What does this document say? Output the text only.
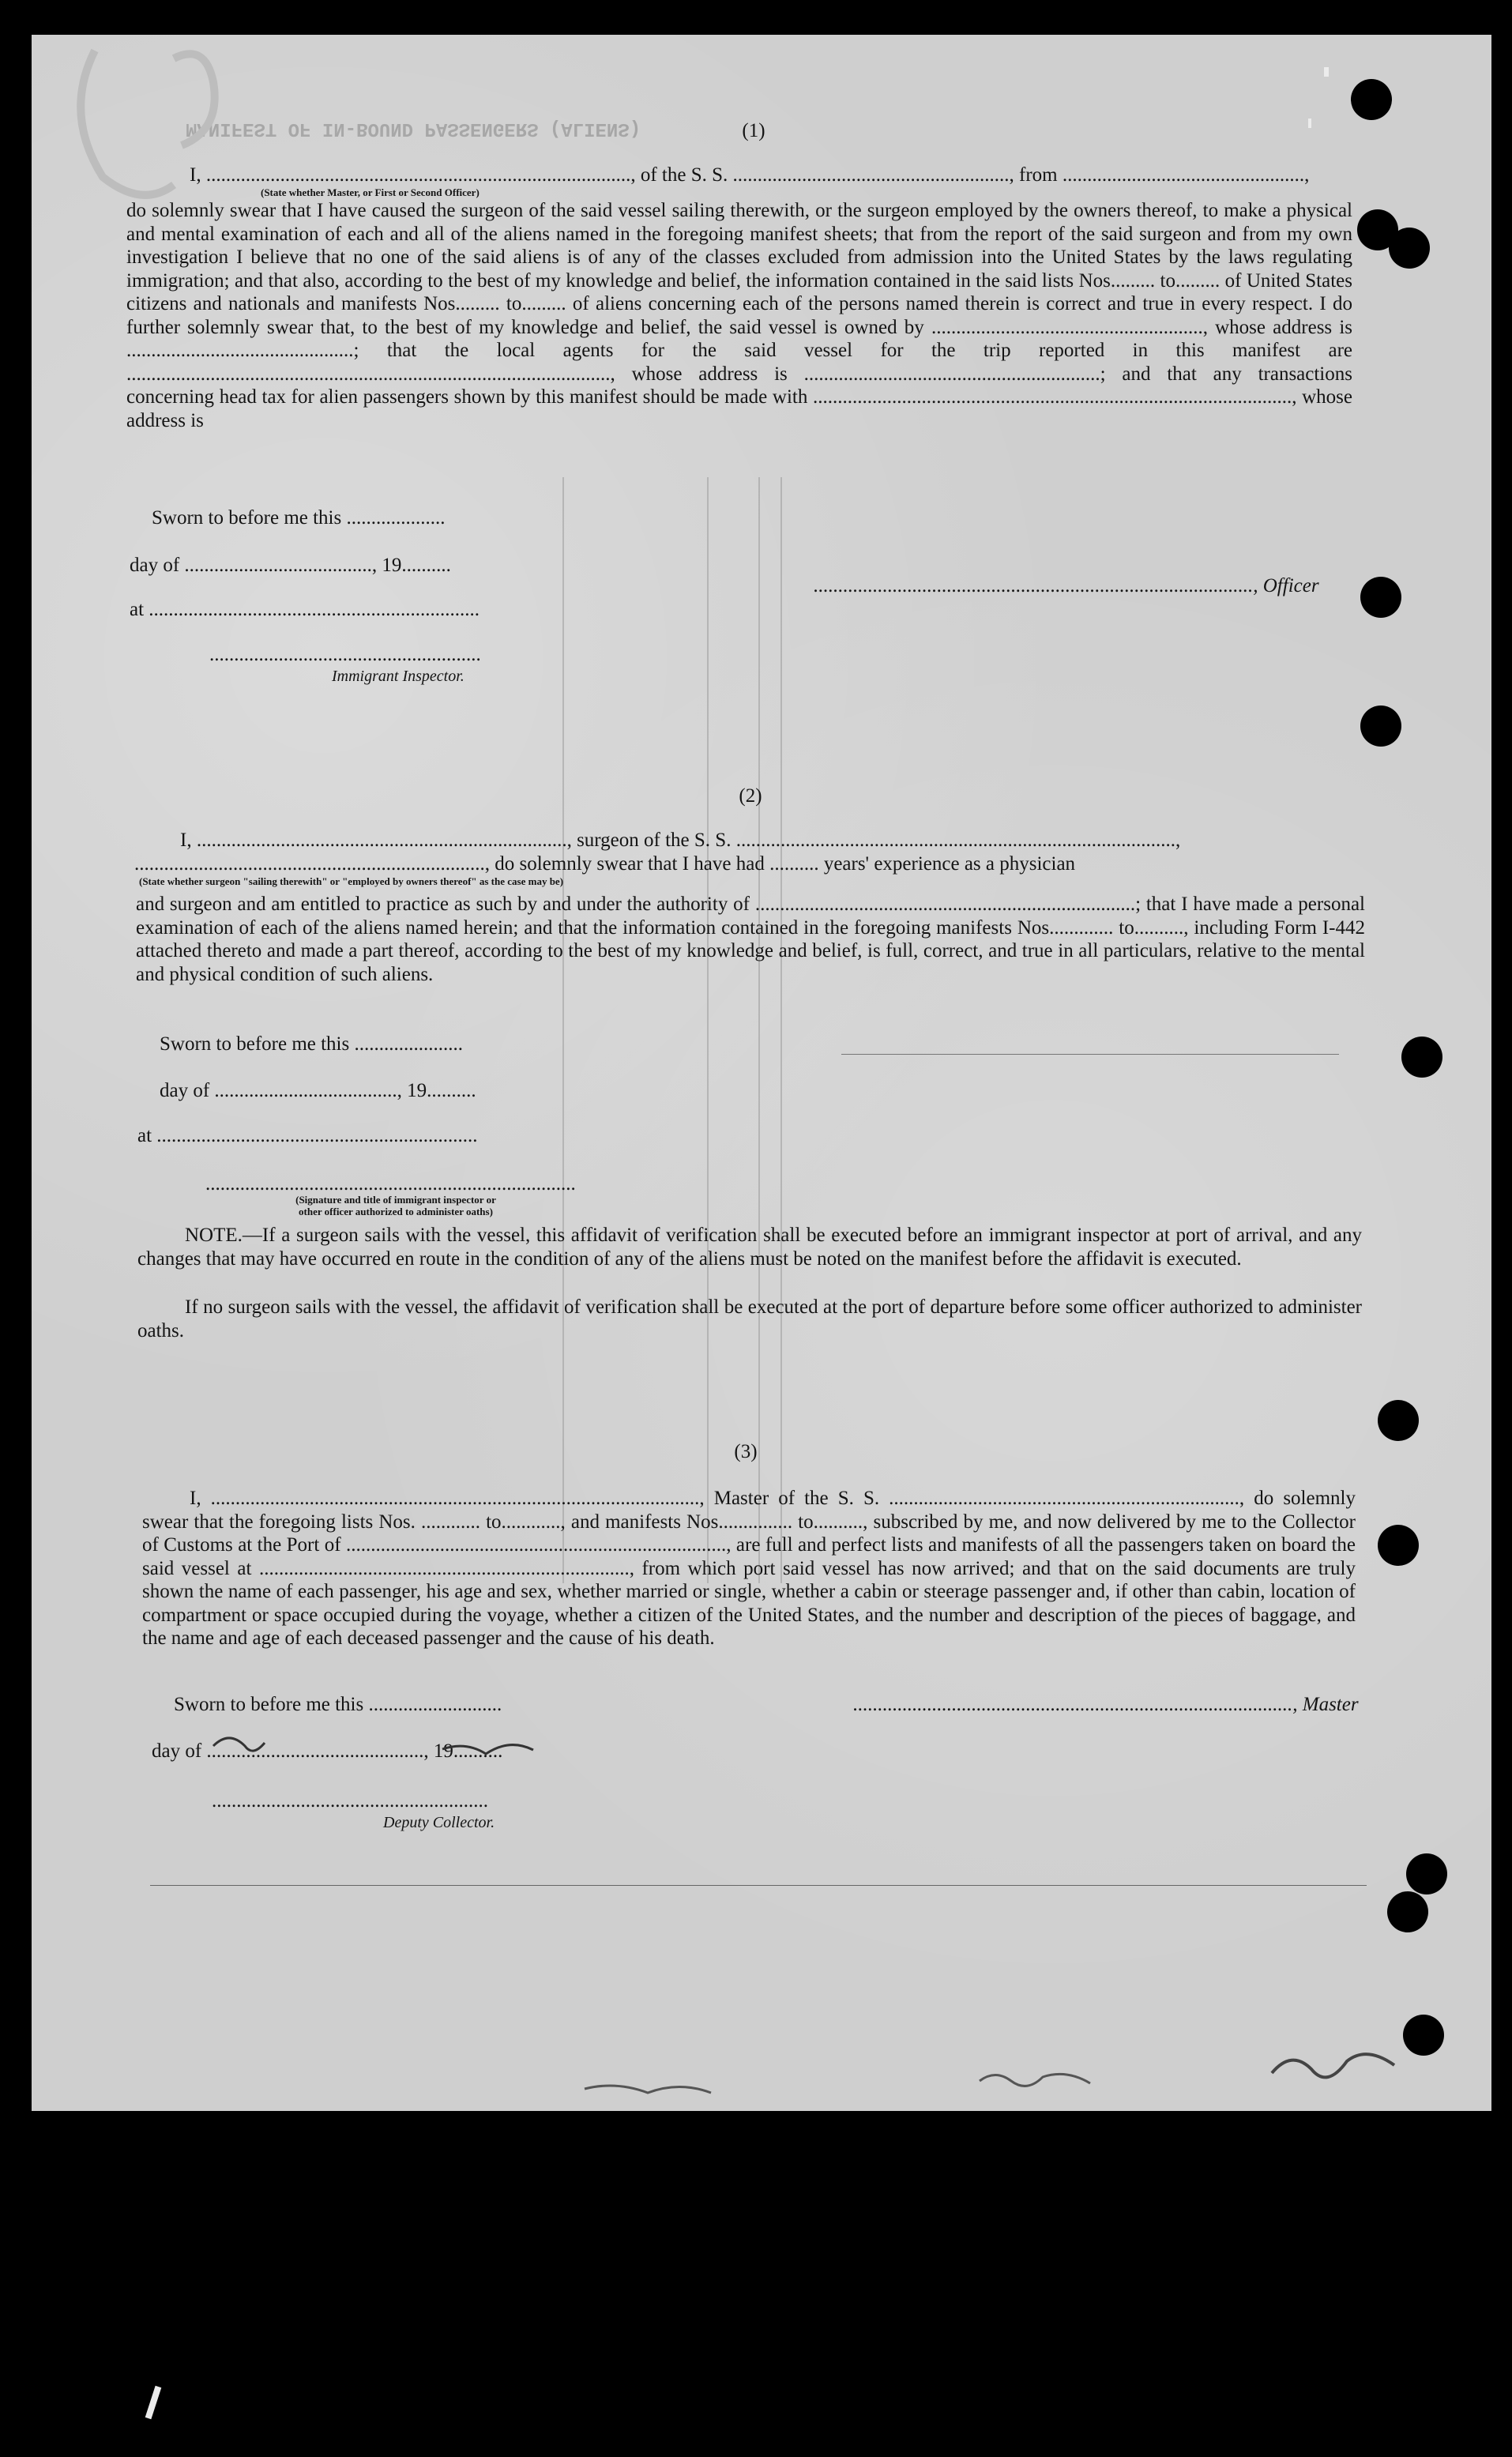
MANIFEST OF IN-BOUND PASSENGERS (ALIENS)	(1)
I, ......................................................................................, of the S. S. ........................................................, from .................................................,
(State whether Master, or First or Second Officer)
do solemnly swear that I have caused the surgeon of the said vessel sailing therewith, or the surgeon employed by the owners thereof, to make a physical and mental examination of each and all of the aliens named in the foregoing manifest sheets; that from the report of the said surgeon and from my own investigation I believe that no one of the said aliens is of any of the classes excluded from admission into the United States by the laws regulating immigration; and that also, according to the best of my knowledge and belief, the information contained in the said lists Nos......... to......... of United States citizens and nationals and manifests Nos......... to......... of aliens concerning each of the persons named therein is correct and true in every respect. I do further solemnly swear that, to the best of my knowledge and belief, the said vessel is owned by ......................................................., whose address is ..............................................; that the local agents for the said vessel for the trip reported in this manifest are .................................................................................................., whose address is ............................................................; and that any transactions concerning head tax for alien passengers shown by this manifest should be made with ................................................................................................., whose address is
Sworn to before me this ....................
day of ......................................, 19..........
at ...................................................................
.......................................................
Immigrant Inspector.
........................................................................................., Officer
(2)
I, ..........................................................................., surgeon of the S. S. .........................................................................................,
......................................................................., do solemnly swear that I have had .......... years' experience as a physician
(State whether surgeon "sailing therewith" or "employed by owners thereof" as the case may be)
and surgeon and am entitled to practice as such by and under the authority of .............................................................................; that I have made a personal examination of each of the aliens named herein; and that the information contained in the foregoing manifests Nos............. to.........., including Form I-442 attached thereto and made a part thereof, according to the best of my knowledge and belief, is full, correct, and true in all particulars, relative to the mental and physical condition of such aliens.
Sworn to before me this ......................
day of ....................................., 19..........
at .................................................................
...........................................................................
(Signature and title of immigrant inspector or
other officer authorized to administer oaths)
NOTE.—If a surgeon sails with the vessel, this affidavit of verification shall be executed before an immigrant inspector at port of arrival, and any changes that may have occurred en route in the condition of any of the aliens must be noted on the manifest before the affidavit is executed.
If no surgeon sails with the vessel, the affidavit of verification shall be executed at the port of departure before some officer authorized to administer oaths.
(3)
I, ..................................................................................................., Master of the S. S. ......................................................................., do solemnly swear that the foregoing lists Nos. ............ to............, and manifests Nos............... to.........., subscribed by me, and now delivered by me to the Collector of Customs at the Port of ............................................................................., are full and perfect lists and manifests of all the passengers taken on board the said vessel at ..........................................................................., from which port said vessel has now arrived; and that on the said documents are truly shown the name of each passenger, his age and sex, whether married or single, whether a cabin or steerage passenger and, if other than cabin, location of compartment or space occupied during the voyage, whether a citizen of the United States, and the number and description of the pieces of baggage, and the name and age of each deceased passenger and the cause of his death.
Sworn to before me this ...........................
day of ............................................, 19..........
........................................................................................., Master
........................................................
Deputy Collector.
